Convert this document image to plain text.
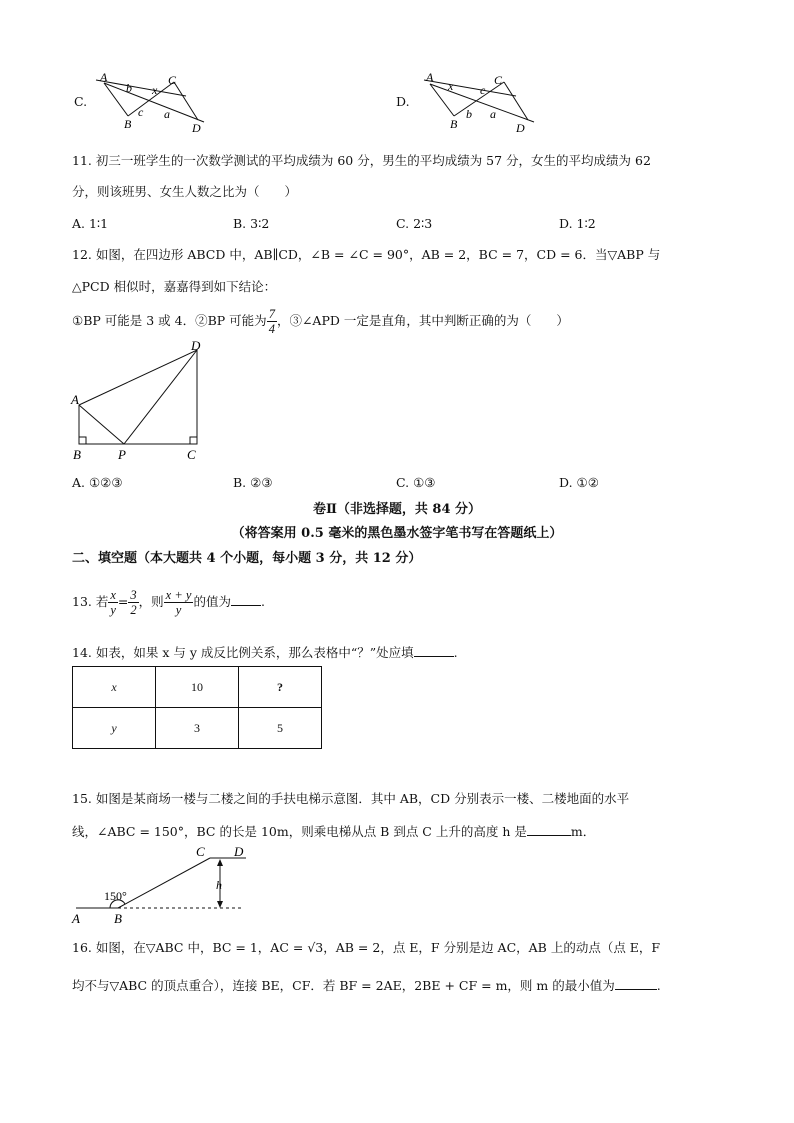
C.
A
b x
C
B
c a
D
D.
A
x c
C
B
b a
D
11. 初三一班学生的一次数学测试的平均成绩为 60 分，男生的平均成绩为 57 分，女生的平均成绩为 62
分，则该班男、女生人数之比为（　　）
A. 1∶1	B. 3∶2	C. 2∶3	D. 1∶2
12. 如图，在四边形 ABCD 中，AB∥CD，∠B = ∠C = 90°，AB = 2，BC = 7，CD = 6．当▽ABP 与
△PCD 相似时，嘉嘉得到如下结论：
①BP 可能是 3 或 4．②BP 可能为 $\frac{7}{4}$ ，③∠APD 一定是直角，其中判断正确的为（　　）
D
A
B	P	C
A. ①②③	B. ②③	C. ①③	D. ①②
卷Ⅱ（非选择题，共 84 分）
（将答案用 0.5 毫米的黑色墨水签字笔书写在答题纸上）
二、填空题（本大题共 4 个小题，每小题 3 分，共 12 分）
13. 若 $\frac{x}{y} = \frac{3}{2}$ ，则 $\frac{x + y}{y}$ 的值为 .
14. 如表，如果 x 与 y 成反比例关系，那么表格中“？”处应填	.
x	10	?
y	3	5
15. 如图是某商场一楼与二楼之间的手扶电梯示意图．其中 AB，CD 分别表示一楼、二楼地面的水平
线，∠ABC = 150°，BC 的长是 10m，则乘电梯从点 B 到点 C 上升的高度 h 是	m．
C D
h
150°
A	B
16. 如图，在▽ABC 中，BC = 1，AC = √3，AB = 2，点 E，F 分别是边 AC，AB 上的动点（点 E，F
均不与▽ABC 的顶点重合），连接 BE，CF．若 BF = 2AE，2BE + CF = m，则 m 的最小值为	.
